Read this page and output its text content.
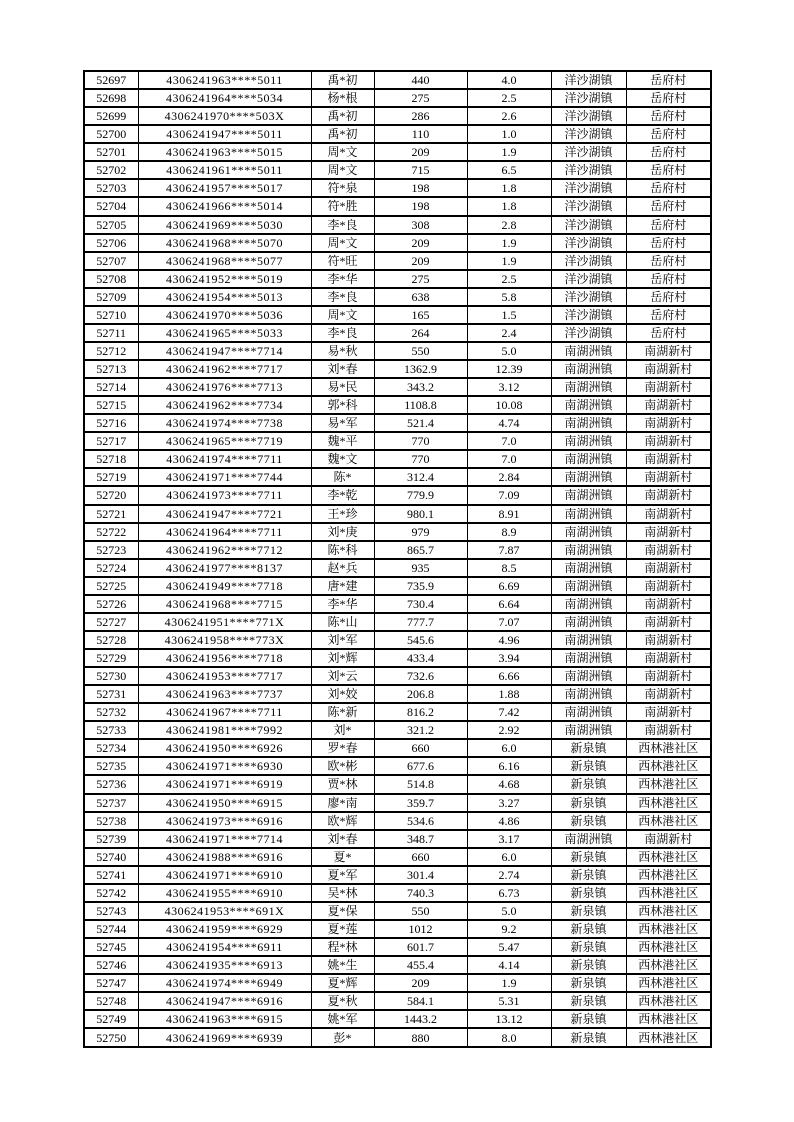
52697	4306241963****5011	禹*初	440	4.0	洋沙湖镇	岳府村
52698	4306241964****5034	杨*根	275	2.5	洋沙湖镇	岳府村
52699	4306241970****503X	禹*初	286	2.6	洋沙湖镇	岳府村
52700	4306241947****5011	禹*初	110	1.0	洋沙湖镇	岳府村
52701	4306241963****5015	周*文	209	1.9	洋沙湖镇	岳府村
52702	4306241961****5011	周*文	715	6.5	洋沙湖镇	岳府村
52703	4306241957****5017	符*泉	198	1.8	洋沙湖镇	岳府村
52704	4306241966****5014	符*胜	198	1.8	洋沙湖镇	岳府村
52705	4306241969****5030	李*良	308	2.8	洋沙湖镇	岳府村
52706	4306241968****5070	周*文	209	1.9	洋沙湖镇	岳府村
52707	4306241968****5077	符*旺	209	1.9	洋沙湖镇	岳府村
52708	4306241952****5019	李*华	275	2.5	洋沙湖镇	岳府村
52709	4306241954****5013	李*良	638	5.8	洋沙湖镇	岳府村
52710	4306241970****5036	周*文	165	1.5	洋沙湖镇	岳府村
52711	4306241965****5033	李*良	264	2.4	洋沙湖镇	岳府村
52712	4306241947****7714	易*秋	550	5.0	南湖洲镇	南湖新村
52713	4306241962****7717	刘*春	1362.9	12.39	南湖洲镇	南湖新村
52714	4306241976****7713	易*民	343.2	3.12	南湖洲镇	南湖新村
52715	4306241962****7734	郭*科	1108.8	10.08	南湖洲镇	南湖新村
52716	4306241974****7738	易*军	521.4	4.74	南湖洲镇	南湖新村
52717	4306241965****7719	魏*平	770	7.0	南湖洲镇	南湖新村
52718	4306241974****7711	魏*文	770	7.0	南湖洲镇	南湖新村
52719	4306241971****7744	陈*	312.4	2.84	南湖洲镇	南湖新村
52720	4306241973****7711	李*乾	779.9	7.09	南湖洲镇	南湖新村
52721	4306241947****7721	王*珍	980.1	8.91	南湖洲镇	南湖新村
52722	4306241964****7711	刘*庚	979	8.9	南湖洲镇	南湖新村
52723	4306241962****7712	陈*科	865.7	7.87	南湖洲镇	南湖新村
52724	4306241977****8137	赵*兵	935	8.5	南湖洲镇	南湖新村
52725	4306241949****7718	唐*建	735.9	6.69	南湖洲镇	南湖新村
52726	4306241968****7715	李*华	730.4	6.64	南湖洲镇	南湖新村
52727	4306241951****771X	陈*山	777.7	7.07	南湖洲镇	南湖新村
52728	4306241958****773X	刘*军	545.6	4.96	南湖洲镇	南湖新村
52729	4306241956****7718	刘*辉	433.4	3.94	南湖洲镇	南湖新村
52730	4306241953****7717	刘*云	732.6	6.66	南湖洲镇	南湖新村
52731	4306241963****7737	刘*姣	206.8	1.88	南湖洲镇	南湖新村
52732	4306241967****7711	陈*新	816.2	7.42	南湖洲镇	南湖新村
52733	4306241981****7992	刘*	321.2	2.92	南湖洲镇	南湖新村
52734	4306241950****6926	罗*春	660	6.0	新泉镇	西林港社区
52735	4306241971****6930	欧*彬	677.6	6.16	新泉镇	西林港社区
52736	4306241971****6919	贾*林	514.8	4.68	新泉镇	西林港社区
52737	4306241950****6915	廖*南	359.7	3.27	新泉镇	西林港社区
52738	4306241973****6916	欧*辉	534.6	4.86	新泉镇	西林港社区
52739	4306241971****7714	刘*春	348.7	3.17	南湖洲镇	南湖新村
52740	4306241988****6916	夏*	660	6.0	新泉镇	西林港社区
52741	4306241971****6910	夏*军	301.4	2.74	新泉镇	西林港社区
52742	4306241955****6910	吴*林	740.3	6.73	新泉镇	西林港社区
52743	4306241953****691X	夏*保	550	5.0	新泉镇	西林港社区
52744	4306241959****6929	夏*莲	1012	9.2	新泉镇	西林港社区
52745	4306241954****6911	程*林	601.7	5.47	新泉镇	西林港社区
52746	4306241935****6913	姚*生	455.4	4.14	新泉镇	西林港社区
52747	4306241974****6949	夏*辉	209	1.9	新泉镇	西林港社区
52748	4306241947****6916	夏*秋	584.1	5.31	新泉镇	西林港社区
52749	4306241963****6915	姚*军	1443.2	13.12	新泉镇	西林港社区
52750	4306241969****6939	彭*	880	8.0	新泉镇	西林港社区
